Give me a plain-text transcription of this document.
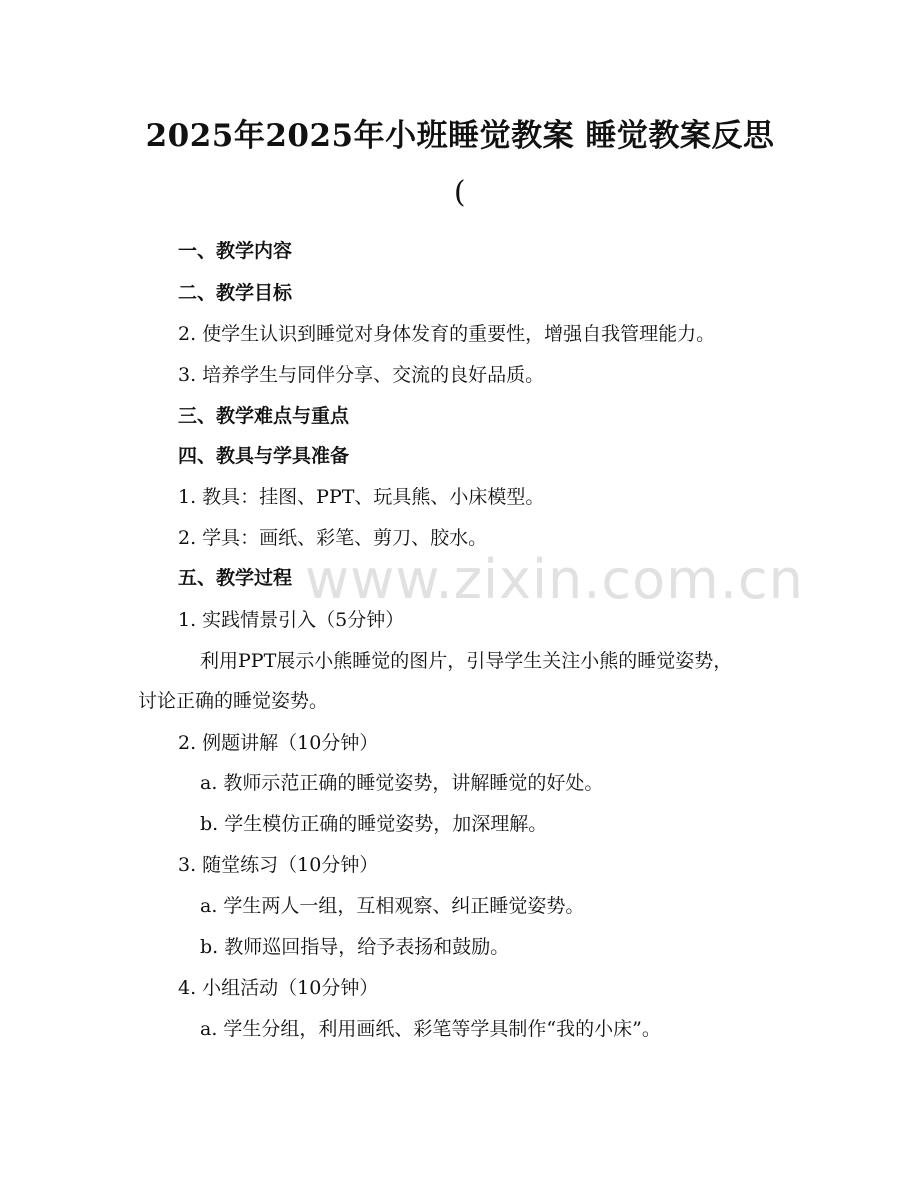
2025年2025年小班睡觉教案 睡觉教案反思
(
一、教学内容
二、教学目标
2. 使学生认识到睡觉对身体发育的重要性，增强自我管理能力。
3. 培养学生与同伴分享、交流的良好品质。
三、教学难点与重点
四、教具与学具准备
1. 教具：挂图、PPT、玩具熊、小床模型。
2. 学具：画纸、彩笔、剪刀、胶水。
五、教学过程
1. 实践情景引入（5分钟）
利用PPT展示小熊睡觉的图片，引导学生关注小熊的睡觉姿势，
讨论正确的睡觉姿势。
2. 例题讲解（10分钟）
a. 教师示范正确的睡觉姿势，讲解睡觉的好处。
b. 学生模仿正确的睡觉姿势，加深理解。
3. 随堂练习（10分钟）
a. 学生两人一组，互相观察、纠正睡觉姿势。
b. 教师巡回指导，给予表扬和鼓励。
4. 小组活动（10分钟）
a. 学生分组，利用画纸、彩笔等学具制作“我的小床”。
www.zixin.com.cn
